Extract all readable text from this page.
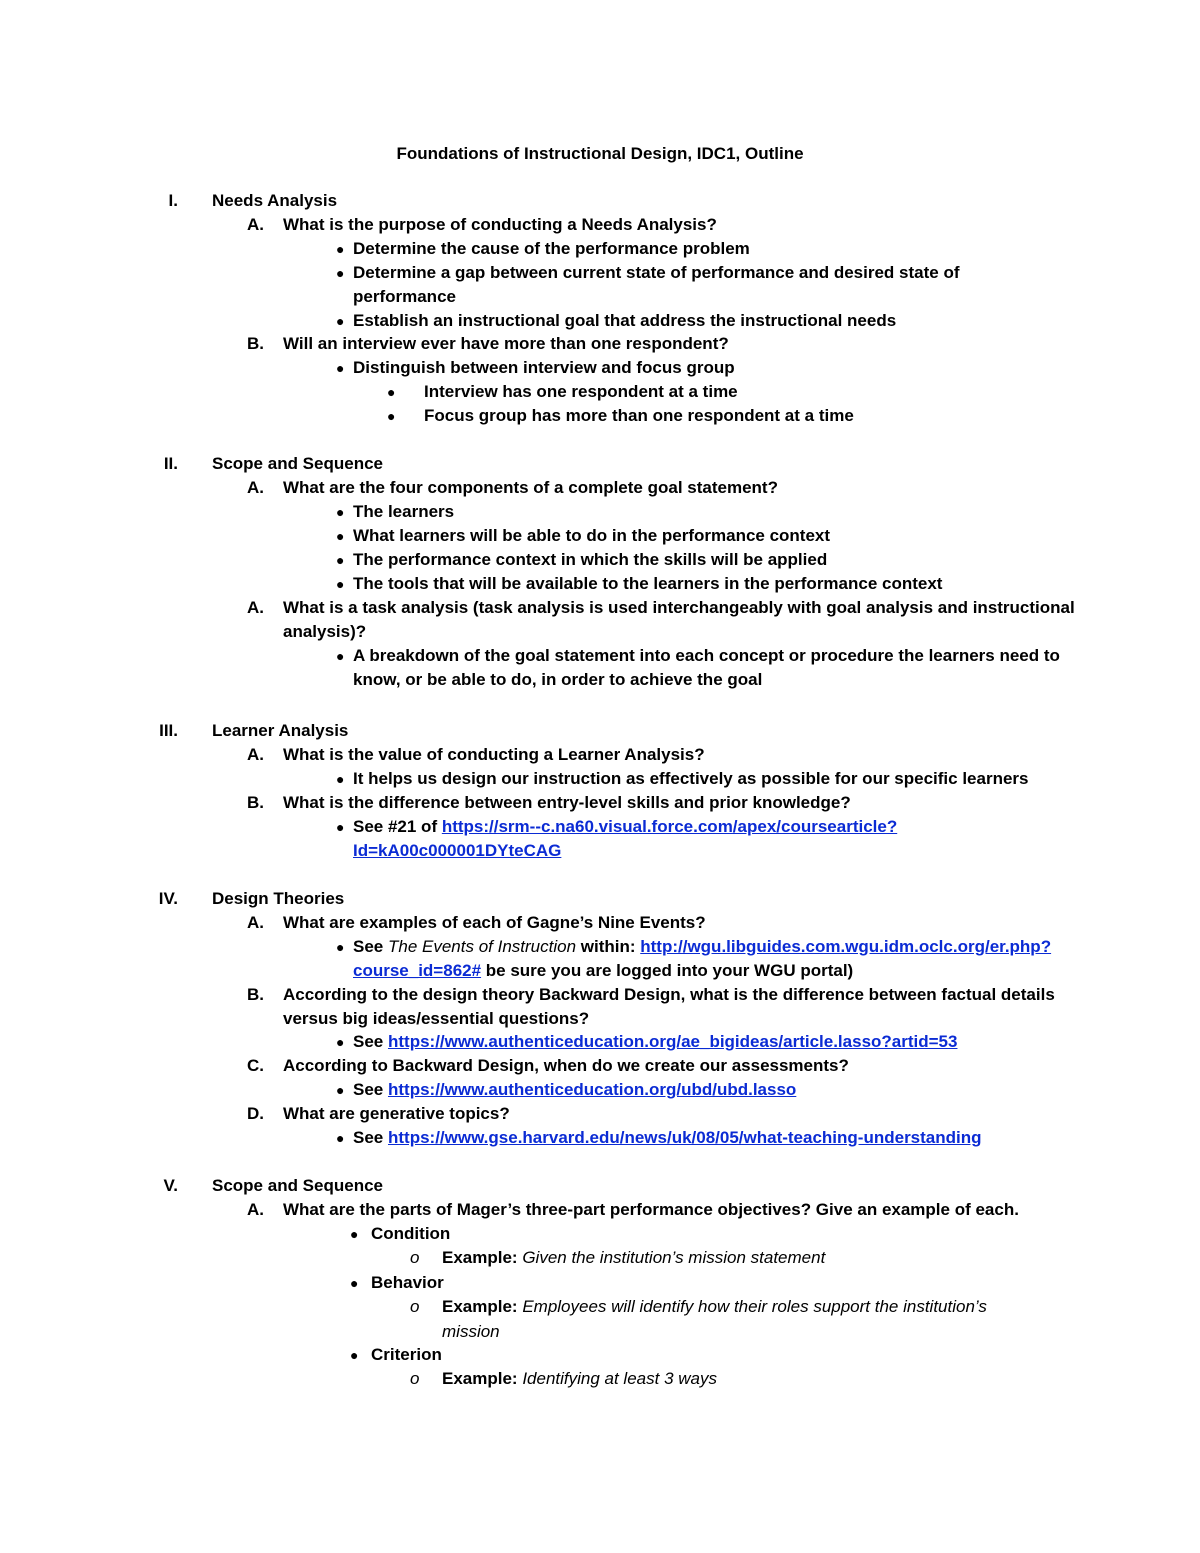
Foundations of Instructional Design, IDC1, Outline
I. Needs Analysis
A. What is the purpose of conducting a Needs Analysis?
● Determine the cause of the performance problem
● Determine a gap between current state of performance and desired state of
performance
● Establish an instructional goal that address the instructional needs
B. Will an interview ever have more than one respondent?
● Distinguish between interview and focus group
● Interview has one respondent at a time
● Focus group has more than one respondent at a time
II. Scope and Sequence
A. What are the four components of a complete goal statement?
● The learners
● What learners will be able to do in the performance context
● The performance context in which the skills will be applied
● The tools that will be available to the learners in the performance context
A. What is a task analysis (task analysis is used interchangeably with goal analysis and instructional
analysis)?
● A breakdown of the goal statement into each concept or procedure the learners need to
know, or be able to do, in order to achieve the goal
III. Learner Analysis
A. What is the value of conducting a Learner Analysis?
● It helps us design our instruction as effectively as possible for our specific learners
B. What is the difference between entry-level skills and prior knowledge?
● See #21 of https://srm--c.na60.visual.force.com/apex/coursearticle?
Id=kA00c000001DYteCAG
IV. Design Theories
A. What are examples of each of Gagne’s Nine Events?
● See The Events of Instruction within: http://wgu.libguides.com.wgu.idm.oclc.org/er.php?
course_id=862# be sure you are logged into your WGU portal)
B. According to the design theory Backward Design, what is the difference between factual details
versus big ideas/essential questions?
● See https://www.authenticeducation.org/ae_bigideas/article.lasso?artid=53
C. According to Backward Design, when do we create our assessments?
● See https://www.authenticeducation.org/ubd/ubd.lasso
D. What are generative topics?
● See https://www.gse.harvard.edu/news/uk/08/05/what-teaching-understanding
V. Scope and Sequence
A. What are the parts of Mager’s three-part performance objectives? Give an example of each.
● Condition
o Example: Given the institution’s mission statement
● Behavior
o Example: Employees will identify how their roles support the institution’s
mission
● Criterion
o Example: Identifying at least 3 ways
